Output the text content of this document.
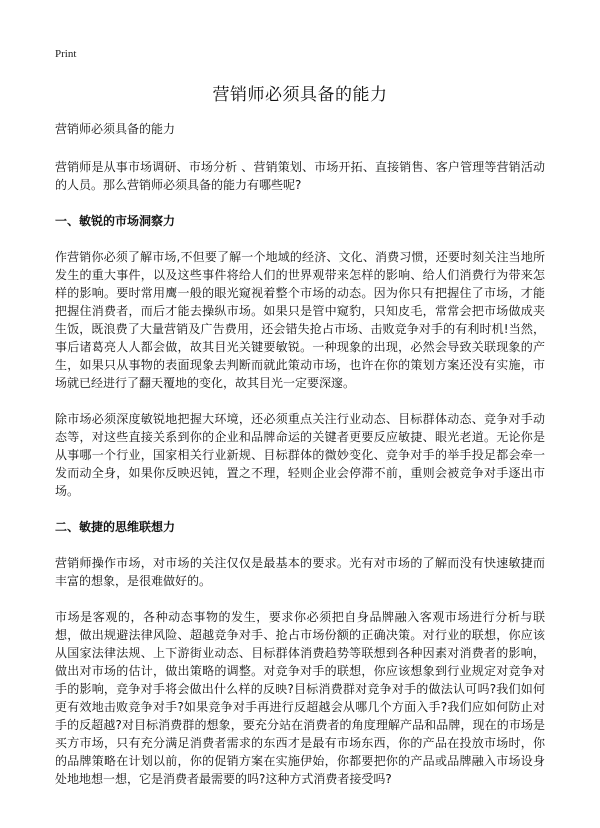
Print
营销师必须具备的能力

营销师必须具备的能力

营销师是从事市场调研、市场分析 、营销策划、市场开拓、直接销售、客户管理等营销活动的人员。那么营销师必须具备的能力有哪些呢?

一、敏锐的市场洞察力

作营销你必须了解市场,不但要了解一个地域的经济、文化、消费习惯，还要时刻关注当地所发生的重大事件，以及这些事件将给人们的世界观带来怎样的影响、给人们消费行为带来怎样的影响。要时常用鹰一般的眼光窥视着整个市场的动态。因为你只有把握住了市场，才能把握住消费者，而后才能去操纵市场。如果只是管中窥豹，只知皮毛，常常会把市场做成夹生饭，既浪费了大量营销及广告费用，还会错失抢占市场、击败竞争对手的有利时机!当然，事后诸葛亮人人都会做，故其目光关键要敏锐。一种现象的出现，必然会导致关联现象的产生，如果只从事物的表面现象去判断而就此策动市场，也许在你的策划方案还没有实施，市场就已经进行了翻天覆地的变化，故其目光一定要深邃。

除市场必须深度敏锐地把握大环境，还必须重点关注行业动态、目标群体动态、竞争对手动态等，对这些直接关系到你的企业和品牌命运的关键者更要反应敏捷、眼光老道。无论你是从事哪一个行业，国家相关行业新规、目标群体的微妙变化、竞争对手的举手投足都会牵一发而动全身，如果你反映迟钝，置之不理，轻则企业会停滞不前，重则会被竞争对手逐出市场。

二、敏捷的思维联想力

营销师操作市场，对市场的关注仅仅是最基本的要求。光有对市场的了解而没有快速敏捷而丰富的想象，是很难做好的。

市场是客观的，各种动态事物的发生，要求你必须把自身品牌融入客观市场进行分析与联想，做出规避法律风险、超越竞争对手、抢占市场份额的正确决策。对行业的联想，你应该从国家法律法规、上下游街业动态、目标群体消费趋势等联想到各种因素对消费者的影响，做出对市场的估计，做出策略的调整。对竞争对手的联想，你应该想象到行业规定对竞争对手的影响，竞争对手将会做出什么样的反映?目标消费群对竞争对手的做法认可吗?我们如何更有效地击败竞争对手?如果竞争对手再进行反超越会从哪几个方面入手?我们应如何防止对手的反超越?对目标消费群的想象，要充分站在消费者的角度理解产品和品牌，现在的市场是买方市场，只有充分满足消费者需求的东西才是最有市场东西，你的产品在投放市场时，你的品牌策略在计划以前，你的促销方案在实施伊始，你都要把你的产品或品牌融入市场设身处地地想一想，它是消费者最需要的吗?这种方式消费者接受吗?
